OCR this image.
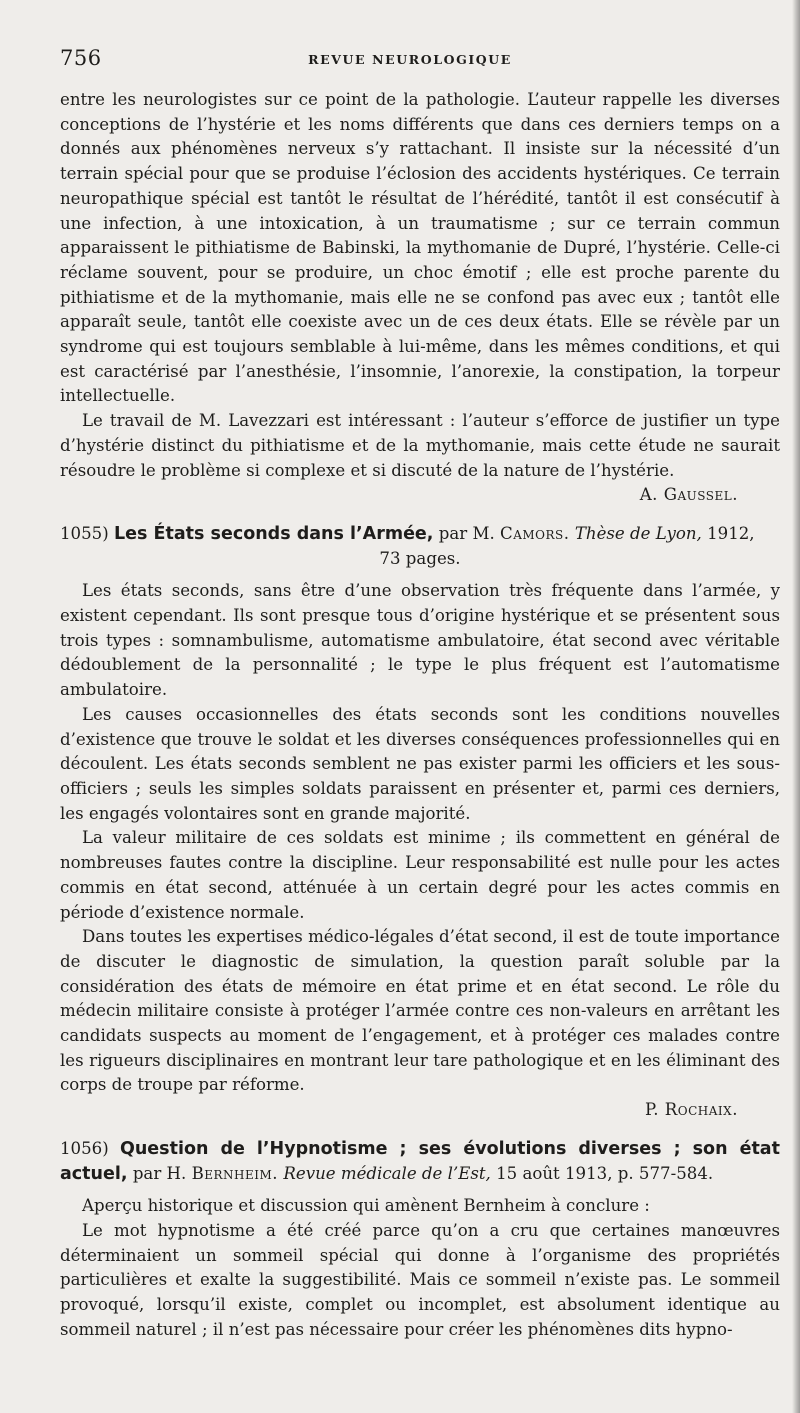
756	REVUE NEUROLOGIQUE

entre les neurologistes sur ce point de la pathologie. L’auteur rappelle les diverses conceptions de l’hystérie et les noms différents que dans ces derniers temps on a donnés aux phénomènes nerveux s’y rattachant. Il insiste sur la nécessité d’un terrain spécial pour que se produise l’éclosion des accidents hystériques. Ce terrain neuropathique spécial est tantôt le résultat de l’hérédité, tantôt il est consécutif à une infection, à une intoxication, à un traumatisme ; sur ce terrain commun apparaissent le pithiatisme de Babinski, la mythomanie de Dupré, l’hystérie. Celle-ci réclame souvent, pour se produire, un choc émotif ; elle est proche parente du pithiatisme et de la mythomanie, mais elle ne se confond pas avec eux ; tantôt elle apparaît seule, tantôt elle coexiste avec un de ces deux états. Elle se révèle par un syndrome qui est toujours semblable à lui-même, dans les mêmes conditions, et qui est caractérisé par l’anesthésie, l’insomnie, l’anorexie, la constipation, la torpeur intellectuelle.

Le travail de M. Lavezzari est intéressant : l’auteur s’efforce de justifier un type d’hystérie distinct du pithiatisme et de la mythomanie, mais cette étude ne saurait résoudre le problème si complexe et si discuté de la nature de l’hystérie.

A. Gaussel.
1055) Les États seconds dans l’Armée, par M. Camors. Thèse de Lyon, 1912,
73 pages.

Les états seconds, sans être d’une observation très fréquente dans l’armée, y existent cependant. Ils sont presque tous d’origine hystérique et se présentent sous trois types : somnambulisme, automatisme ambulatoire, état second avec véritable dédoublement de la personnalité ; le type le plus fréquent est l’automatisme ambulatoire.

Les causes occasionnelles des états seconds sont les conditions nouvelles d’existence que trouve le soldat et les diverses conséquences professionnelles qui en découlent. Les états seconds semblent ne pas exister parmi les officiers et les sous-officiers ; seuls les simples soldats paraissent en présenter et, parmi ces derniers, les engagés volontaires sont en grande majorité.

La valeur militaire de ces soldats est minime ; ils commettent en général de nombreuses fautes contre la discipline. Leur responsabilité est nulle pour les actes commis en état second, atténuée à un certain degré pour les actes commis en période d’existence normale.

Dans toutes les expertises médico-légales d’état second, il est de toute importance de discuter le diagnostic de simulation, la question paraît soluble par la considération des états de mémoire en état prime et en état second. Le rôle du médecin militaire consiste à protéger l’armée contre ces non-valeurs en arrêtant les candidats suspects au moment de l’engagement, et à protéger ces malades contre les rigueurs disciplinaires en montrant leur tare pathologique et en les éliminant des corps de troupe par réforme.

P. Rochaix.
1056) Question de l’Hypnotisme ; ses évolutions diverses ; son état actuel, par H. Bernheim. Revue médicale de l’Est, 15 août 1913, p. 577-584.

Aperçu historique et discussion qui amènent Bernheim à conclure :

Le mot hypnotisme a été créé parce qu’on a cru que certaines manœuvres déterminaient un sommeil spécial qui donne à l’organisme des propriétés particulières et exalte la suggestibilité. Mais ce sommeil n’existe pas. Le sommeil provoqué, lorsqu’il existe, complet ou incomplet, est absolument identique au sommeil naturel ; il n’est pas nécessaire pour créer les phénomènes dits hypno-
